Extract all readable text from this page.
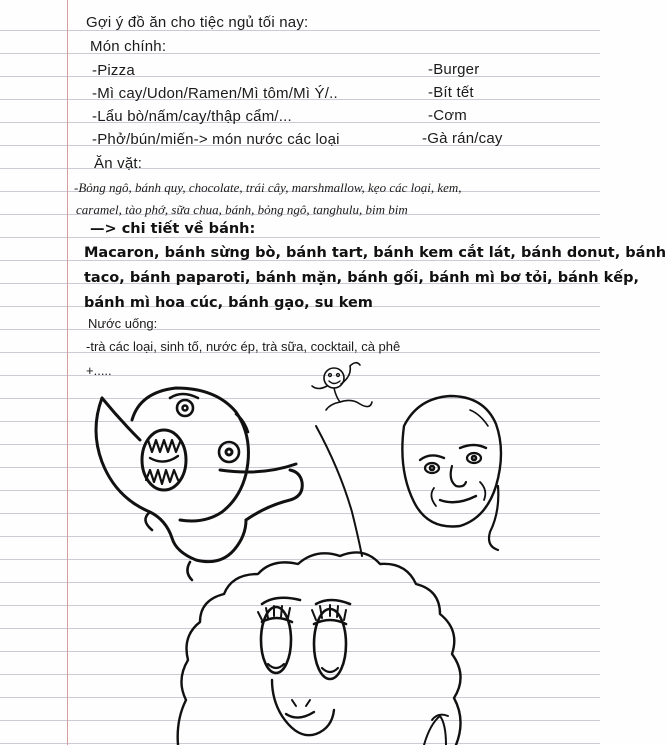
Gợi ý đồ ăn cho tiệc ngủ tối nay:
Món chính:
-Pizza
-Mì cay/Udon/Ramen/Mì tôm/Mì Ý/..
-Lẩu bò/nấm/cay/thập cẩm/...
-Phở/bún/miến-> món nước các loại
-Burger
-Bít tết
-Cơm
-Gà rán/cay
Ăn vặt:
-Bỏng ngô, bánh quy, chocolate, trái cây, marshmallow, kẹo các loại, kem,
caramel, tào phớ, sữa chua, bánh, bỏng ngô, tanghulu, bim bim
—> chi tiết về bánh:
Macaron, bánh sừng bò, bánh tart, bánh kem cắt lát, bánh donut, bánh
taco, bánh paparoti, bánh mặn, bánh gối, bánh mì bơ tỏi, bánh kếp,
bánh mì hoa cúc, bánh gạo, su kem
Nước uống:
-trà các loại, sinh tố, nước ép, trà sữa, cocktail, cà phê
+.....
